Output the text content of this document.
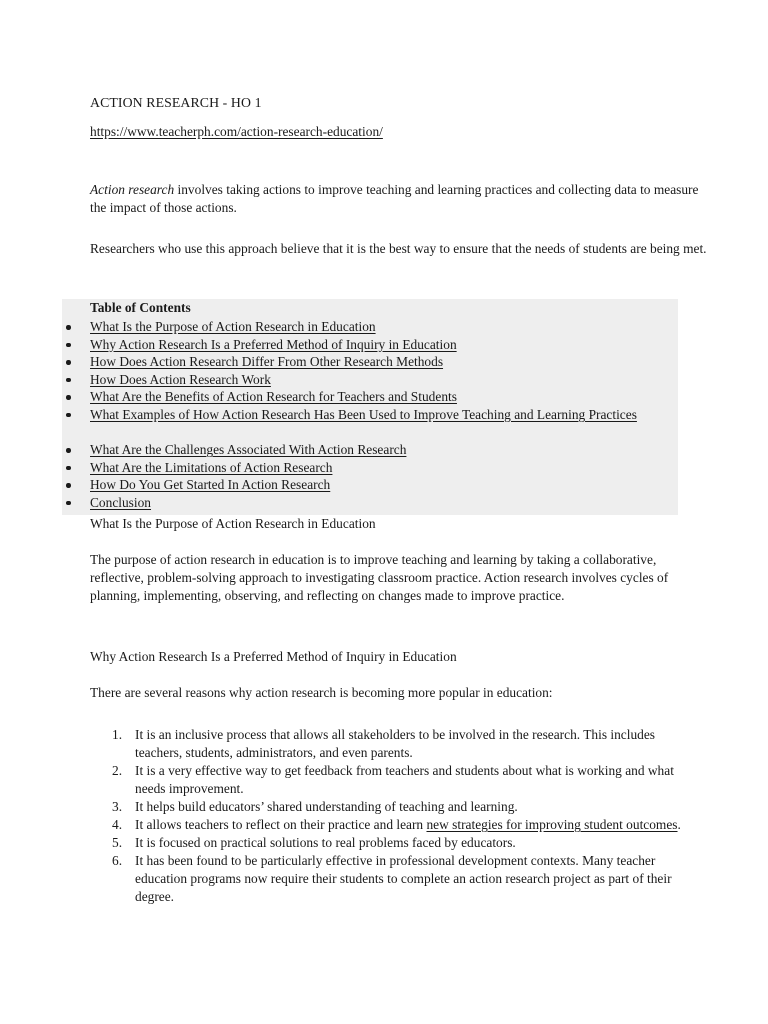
ACTION RESEARCH - HO 1

https://www.teacherph.com/action-research-education/

Action research involves taking actions to improve teaching and learning practices and collecting data to measure the impact of those actions.

Researchers who use this approach believe that it is the best way to ensure that the needs of students are being met.

Table of Contents
What Is the Purpose of Action Research in Education
Why Action Research Is a Preferred Method of Inquiry in Education
How Does Action Research Differ From Other Research Methods
How Does Action Research Work
What Are the Benefits of Action Research for Teachers and Students
What Examples of How Action Research Has Been Used to Improve Teaching and Learning Practices
What Are the Challenges Associated With Action Research
What Are the Limitations of Action Research
How Do You Get Started In Action Research
Conclusion

What Is the Purpose of Action Research in Education

The purpose of action research in education is to improve teaching and learning by taking a collaborative, reflective, problem-solving approach to investigating classroom practice. Action research involves cycles of planning, implementing, observing, and reflecting on changes made to improve practice.

Why Action Research Is a Preferred Method of Inquiry in Education

There are several reasons why action research is becoming more popular in education:

1. It is an inclusive process that allows all stakeholders to be involved in the research. This includes teachers, students, administrators, and even parents.
2. It is a very effective way to get feedback from teachers and students about what is working and what needs improvement.
3. It helps build educators’ shared understanding of teaching and learning.
4. It allows teachers to reflect on their practice and learn new strategies for improving student outcomes.
5. It is focused on practical solutions to real problems faced by educators.
6. It has been found to be particularly effective in professional development contexts. Many teacher education programs now require their students to complete an action research project as part of their degree.
